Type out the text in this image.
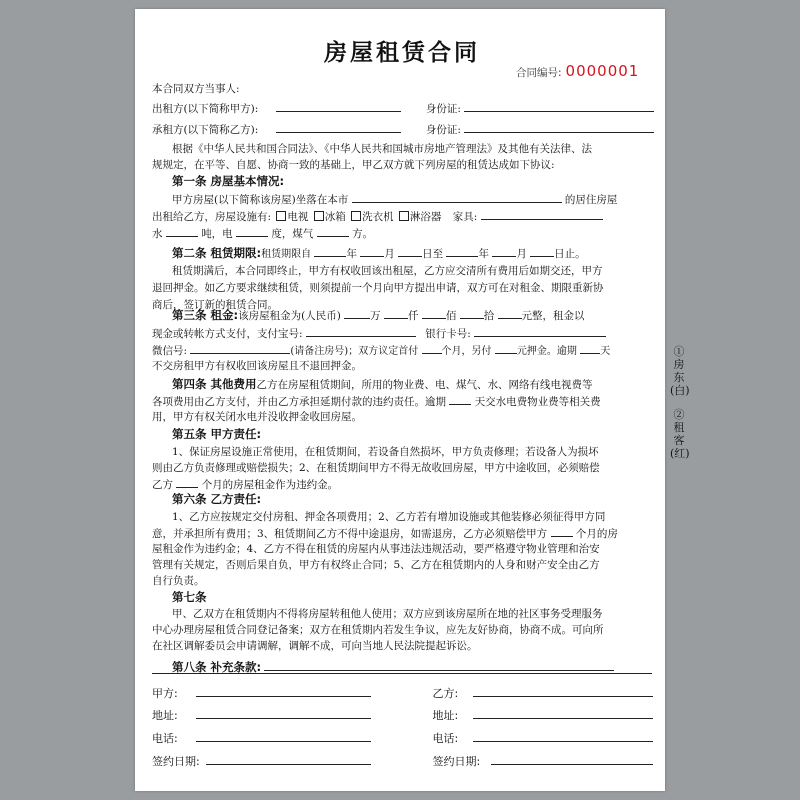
①房东(白)
②租客(红)
房屋租赁合同
合同编号: 0000001
本合同双方当事人:
出租方(以下简称甲方):	身份证:
承租方(以下简称乙方):	身份证:
根据《中华人民共和国合同法》、《中华人民共和国城市房地产管理法》及其他有关法律、法
规规定，在平等、自愿、协商一致的基础上，甲乙双方就下列房屋的租赁达成如下协议:
第一条 房屋基本情况:
甲方房屋(以下简称该房屋)坐落在本市	的居住房屋
出租给乙方，房屋设施有: 电视 冰箱 洗衣机 淋浴器 家具:
水	吨，电	度，煤气	方。
第二条 租赁期限:租赁期限自	年	月	日至	年	月	日止。
租赁期满后，本合同即终止，甲方有权收回该出租屋，乙方应交清所有费用后如期交还，甲方
退回押金。如乙方要求继续租赁，则须提前一个月向甲方提出申请，双方可在对租金、期限重新协
商后，签订新的租赁合同。
第三条 租金:该房屋租金为(人民币)	万	仟	佰	拾	元整，租金以
现金或转帐方式支付，支付宝号:	银行卡号:
微信号:	(请备注房号)；双方议定首付 个月，另付	元押金。逾期 天
不交房租甲方有权收回该房屋且不退回押金。
第四条 其他费用乙方在房屋租赁期间，所用的物业费、电、煤气、水、网络有线电视费等
各项费用由乙方支付，并由乙方承担延期付款的违约责任。逾期	天交水电费物业费等相关费
用，甲方有权关闭水电并没收押金收回房屋。
第五条 甲方责任:
1、保证房屋设施正常使用，在租赁期间，若设备自然损坏，甲方负责修理；若设备人为损坏
则由乙方负责修理或赔偿损失；2、在租赁期间甲方不得无故收回房屋，甲方中途收回，必须赔偿
乙方	个月的房屋租金作为违约金。
第六条 乙方责任:
1、乙方应按规定交付房租、押金各项费用；2、乙方若有增加设施或其他装修必须征得甲方同
意，并承担所有费用；3、租赁期间乙方不得中途退房，如需退房，乙方必须赔偿甲方	个月的房
屋租金作为违约金；4、乙方不得在租赁的房屋内从事违法违规活动，要严格遵守物业管理和治安
管理有关规定，否则后果自负，甲方有权终止合同；5、乙方在租赁期内的人身和财产安全由乙方
自行负责。
第七条
甲、乙双方在租赁期内不得将房屋转租他人使用；双方应到该房屋所在地的社区事务受理服务
中心办理房屋租赁合同登记备案；双方在租赁期内若发生争议，应先友好协商，协商不成。可向所
在社区调解委员会申请调解，调解不成，可向当地人民法院提起诉讼。
第八条 补充条款:
甲方:	乙方:
地址:	地址:
电话:	电话:
签约日期:	签约日期:
